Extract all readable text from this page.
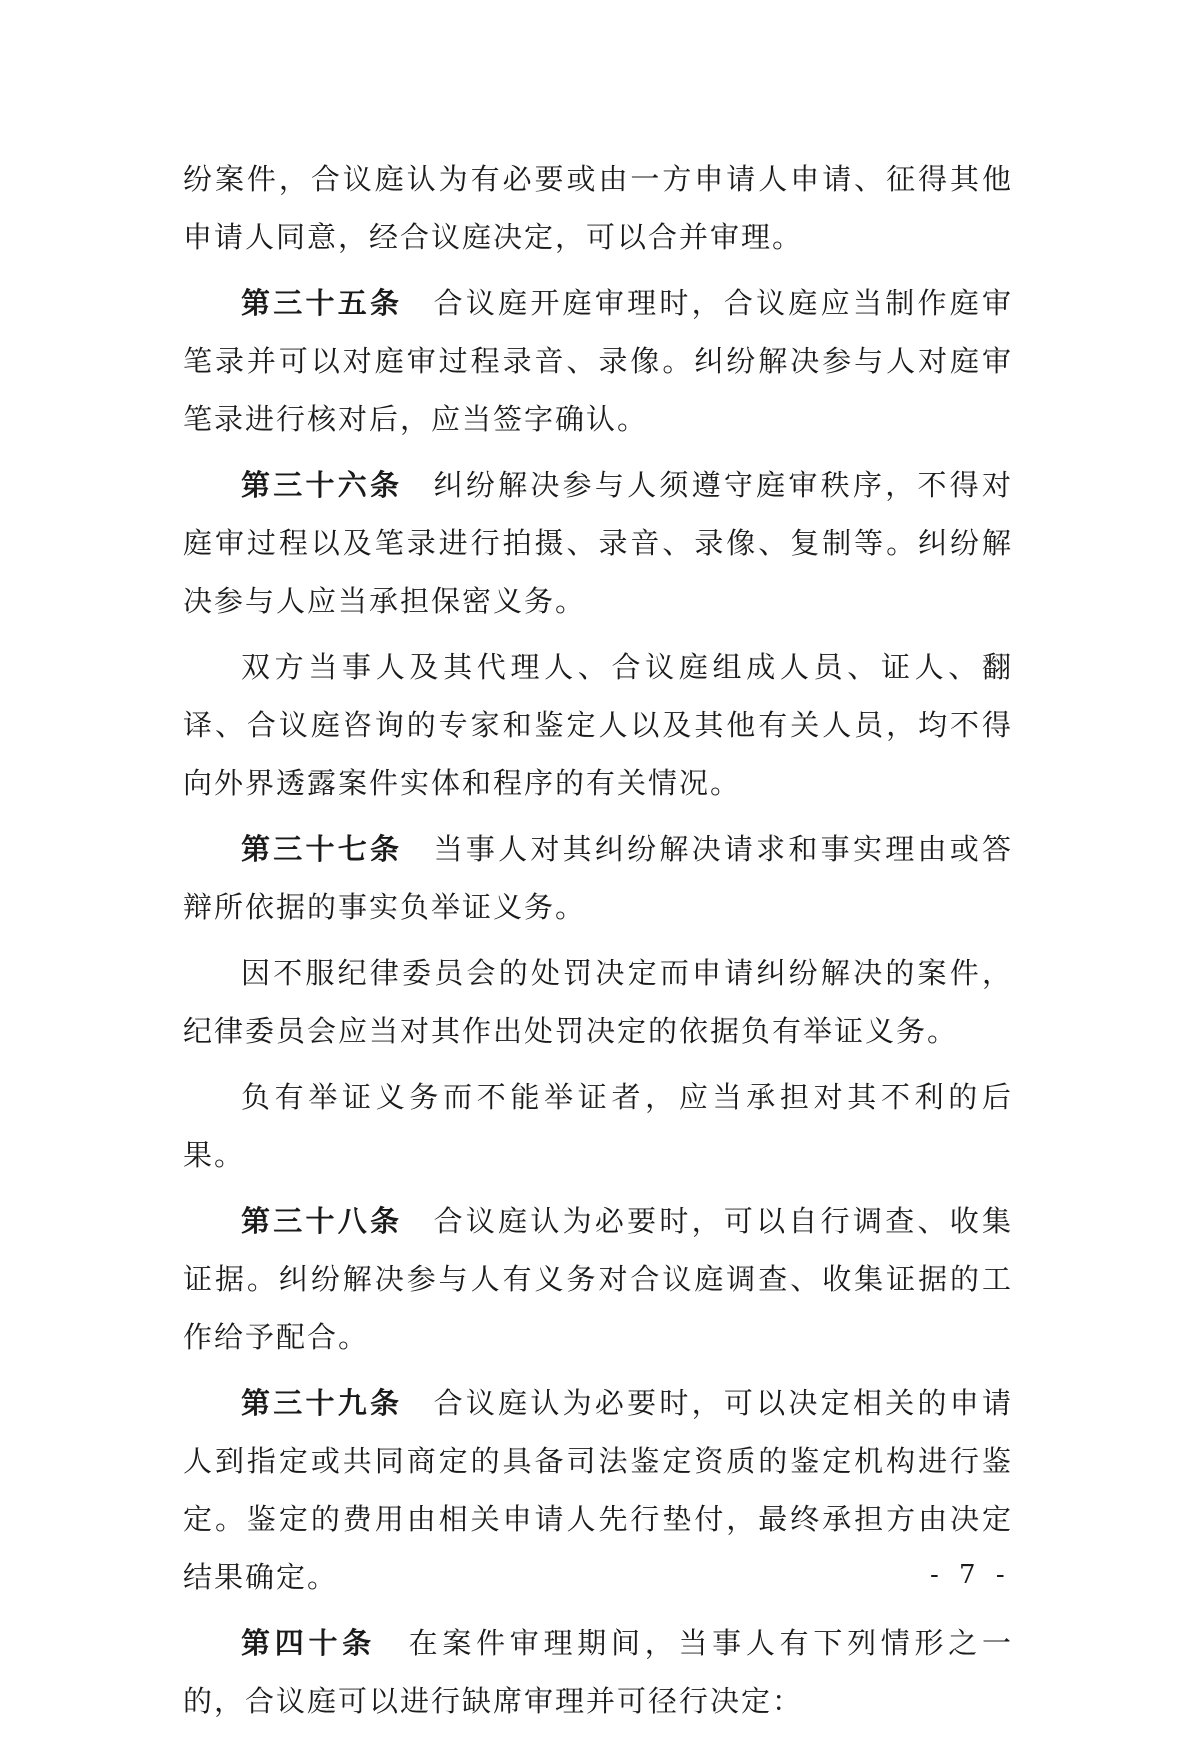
纷案件，合议庭认为有必要或由一方申请人申请、征得其他申请人同意，经合议庭决定，可以合并审理。

第三十五条 合议庭开庭审理时，合议庭应当制作庭审笔录并可以对庭审过程录音、录像。纠纷解决参与人对庭审笔录进行核对后，应当签字确认。

第三十六条 纠纷解决参与人须遵守庭审秩序，不得对庭审过程以及笔录进行拍摄、录音、录像、复制等。纠纷解决参与人应当承担保密义务。

双方当事人及其代理人、合议庭组成人员、证人、翻译、合议庭咨询的专家和鉴定人以及其他有关人员，均不得向外界透露案件实体和程序的有关情况。

第三十七条 当事人对其纠纷解决请求和事实理由或答辩所依据的事实负举证义务。

因不服纪律委员会的处罚决定而申请纠纷解决的案件，纪律委员会应当对其作出处罚决定的依据负有举证义务。

负有举证义务而不能举证者，应当承担对其不利的后果。

第三十八条 合议庭认为必要时，可以自行调查、收集证据。纠纷解决参与人有义务对合议庭调查、收集证据的工作给予配合。

第三十九条 合议庭认为必要时，可以决定相关的申请人到指定或共同商定的具备司法鉴定资质的鉴定机构进行鉴定。鉴定的费用由相关申请人先行垫付，最终承担方由决定结果确定。

第四十条 在案件审理期间，当事人有下列情形之一的，合议庭可以进行缺席审理并可径行决定：

- 7 -
